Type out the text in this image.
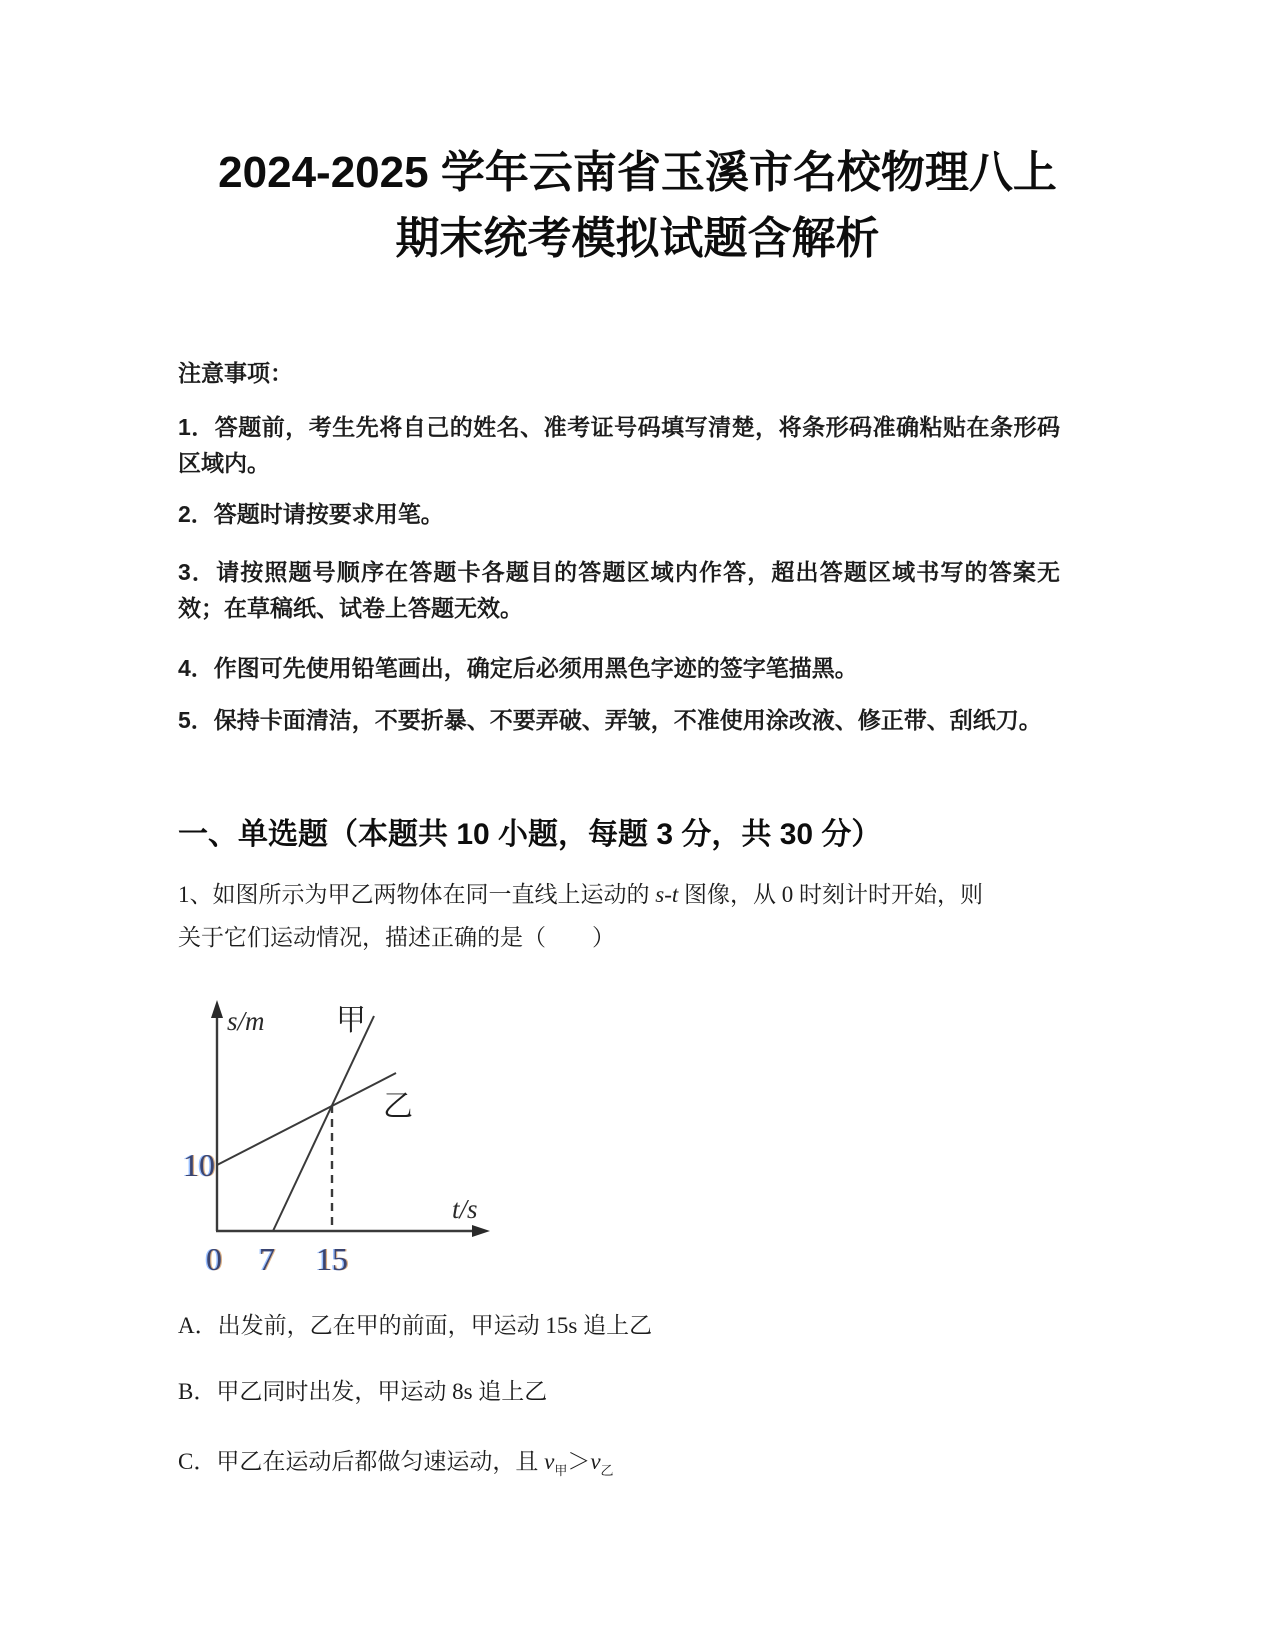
2024-2025 学年云南省玉溪市名校物理八上
期末统考模拟试题含解析
注意事项：
1．答题前，考生先将自己的姓名、准考证号码填写清楚，将条形码准确粘贴在条形码区域内。
2．答题时请按要求用笔。
3．请按照题号顺序在答题卡各题目的答题区域内作答，超出答题区域书写的答案无效；在草稿纸、试卷上答题无效。
4．作图可先使用铅笔画出，确定后必须用黑色字迹的签字笔描黑。
5．保持卡面清洁，不要折暴、不要弄破、弄皱，不准使用涂改液、修正带、刮纸刀。
一、单选题（本题共 10 小题，每题 3 分，共 30 分）
1、如图所示为甲乙两物体在同一直线上运动的 s-t 图像，从 0 时刻计时开始，则
关于它们运动情况，描述正确的是（　　）
s/m 甲
乙
t/s
10
0 7 15
A．出发前，乙在甲的前面，甲运动 15s 追上乙
B．甲乙同时出发，甲运动 8s 追上乙
C．甲乙在运动后都做匀速运动，且 $v_甲>v_乙$
